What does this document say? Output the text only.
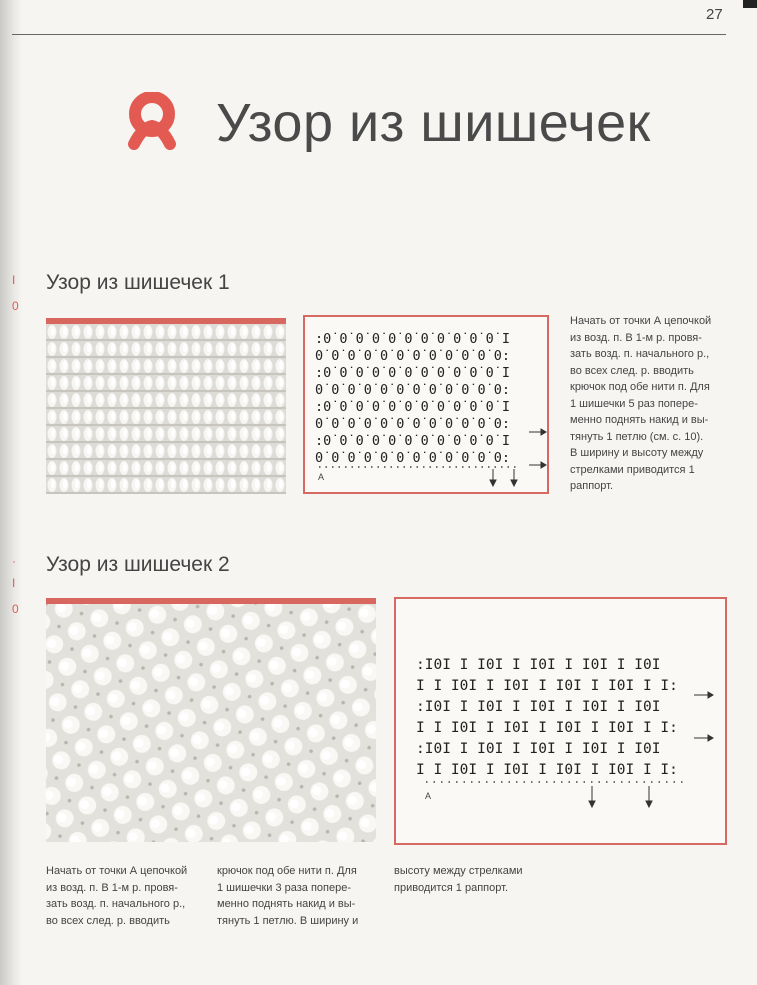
27
Узор из шишечек
I
0
Узор из шишечек 1
:0˙0˙0˙0˙0˙0˙0˙0˙0˙0˙0˙I
0˙0˙0˙0˙0˙0˙0˙0˙0˙0˙0˙0:
:0˙0˙0˙0˙0˙0˙0˙0˙0˙0˙0˙I
0˙0˙0˙0˙0˙0˙0˙0˙0˙0˙0˙0:
:0˙0˙0˙0˙0˙0˙0˙0˙0˙0˙0˙I
0˙0˙0˙0˙0˙0˙0˙0˙0˙0˙0˙0:
:0˙0˙0˙0˙0˙0˙0˙0˙0˙0˙0˙I
0˙0˙0˙0˙0˙0˙0˙0˙0˙0˙0˙0:
A
Начать от точки А цепочкой
из возд. п. В 1-м р. провя-
зать возд. п. начального р.,
во всех след. р. вводить
крючок под обе нити п. Для
1 шишечки 5 раз попере-
менно поднять накид и вы-
тянуть 1 петлю (см. с. 10).
В ширину и высоту между
стрелками приводится 1
раппорт.
·
I
0
Узор из шишечек 2
:I0I I I0I I I0I I I0I I I0I
I I I0I I I0I I I0I I I0I I I:
:I0I I I0I I I0I I I0I I I0I
I I I0I I I0I I I0I I I0I I I:
:I0I I I0I I I0I I I0I I I0I
I I I0I I I0I I I0I I I0I I I:
A
Начать от точки А цепочкой
из возд. п. В 1-м р. провя-
зать возд. п. начального р.,
во всех след. р. вводить
крючок под обе нити п. Для
1 шишечки 3 раза попере-
менно поднять накид и вы-
тянуть 1 петлю. В ширину и
высоту между стрелками
приводится 1 раппорт.
